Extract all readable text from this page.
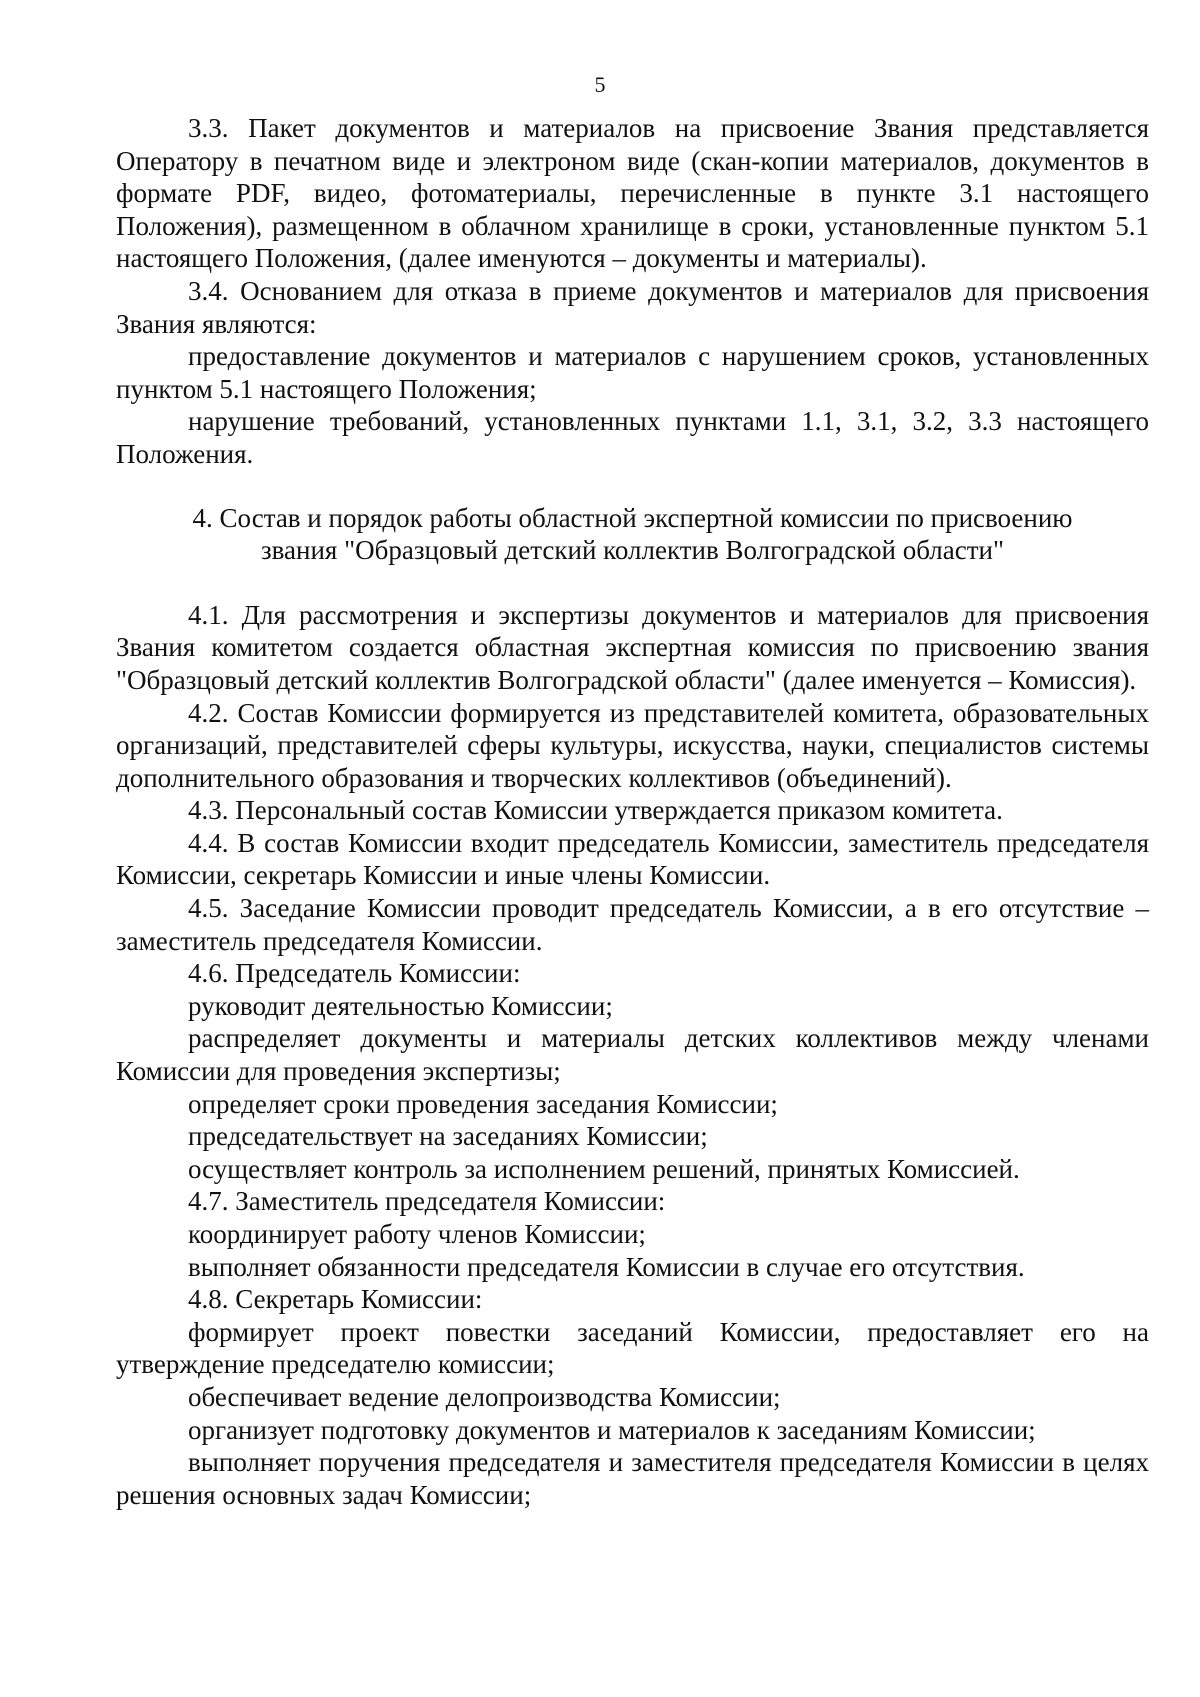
5

3.3. Пакет документов и материалов на присвоение Звания представляется Оператору в печатном виде и электроном виде (скан-копии материалов, документов в формате PDF, видео, фотоматериалы, перечисленные в пункте 3.1 настоящего Положения), размещенном в облачном хранилище в сроки, установленные пунктом 5.1 настоящего Положения, (далее именуются – документы и материалы).

3.4. Основанием для отказа в приеме документов и материалов для присвоения Звания являются:

предоставление документов и материалов с нарушением сроков, установленных пунктом 5.1 настоящего Положения;

нарушение требований, установленных пунктами 1.1, 3.1, 3.2, 3.3 настоящего Положения.

4. Состав и порядок работы областной экспертной комиссии по присвоению
звания "Образцовый детский коллектив Волгоградской области"

4.1. Для рассмотрения и экспертизы документов и материалов для присвоения Звания комитетом создается областная экспертная комиссия по присвоению звания "Образцовый детский коллектив Волгоградской области" (далее именуется – Комиссия).

4.2. Состав Комиссии формируется из представителей комитета, образовательных организаций, представителей сферы культуры, искусства, науки, специалистов системы дополнительного образования и творческих коллективов (объединений).

4.3. Персональный состав Комиссии утверждается приказом комитета.

4.4. В состав Комиссии входит председатель Комиссии, заместитель председателя Комиссии, секретарь Комиссии и иные члены Комиссии.

4.5. Заседание Комиссии проводит председатель Комиссии, а в его отсутствие – заместитель председателя Комиссии.

4.6. Председатель Комиссии:

руководит деятельностью Комиссии;

распределяет документы и материалы детских коллективов между членами Комиссии для проведения экспертизы;

определяет сроки проведения заседания Комиссии;

председательствует на заседаниях Комиссии;

осуществляет контроль за исполнением решений, принятых Комиссией.

4.7. Заместитель председателя Комиссии:

координирует работу членов Комиссии;

выполняет обязанности председателя Комиссии в случае его отсутствия.

4.8. Секретарь Комиссии:

формирует проект повестки заседаний Комиссии, предоставляет его на утверждение председателю комиссии;

обеспечивает ведение делопроизводства Комиссии;

организует подготовку документов и материалов к заседаниям Комиссии;

выполняет поручения председателя и заместителя председателя Комиссии в целях решения основных задач Комиссии;
